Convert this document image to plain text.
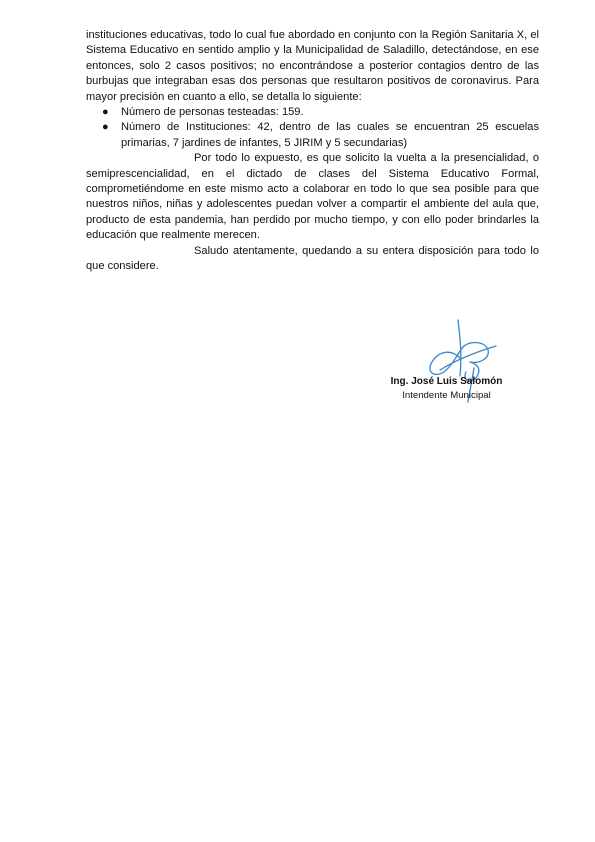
instituciones educativas, todo lo cual fue abordado en conjunto con la Región Sanitaria X, el Sistema Educativo en sentido amplio y la Municipalidad de Saladillo, detectándose, en ese entonces, solo 2 casos positivos; no encontrándose a posterior contagios dentro de las burbujas que integraban esas dos personas que resultaron positivos de coronavirus. Para mayor precisión en cuanto a ello, se detalla lo siguiente:

● Número de personas testeadas: 159.
● Número de Instituciones: 42, dentro de las cuales se encuentran 25 escuelas primarias, 7 jardines de infantes, 5 JIRIM y 5 secundarias)

Por todo lo expuesto, es que solicito la vuelta a la presencialidad, o semiprescencialidad, en el dictado de clases del Sistema Educativo Formal, comprometiéndome en este mismo acto a colaborar en todo lo que sea posible para que nuestros niños, niñas y adolescentes puedan volver a compartir el ambiente del aula que, producto de esta pandemia, han perdido por mucho tiempo, y con ello poder brindarles la educación que realmente merecen.

Saludo atentamente, quedando a su entera disposición para todo lo que considere.

Ing. José Luis Salomón
Intendente Municipal
